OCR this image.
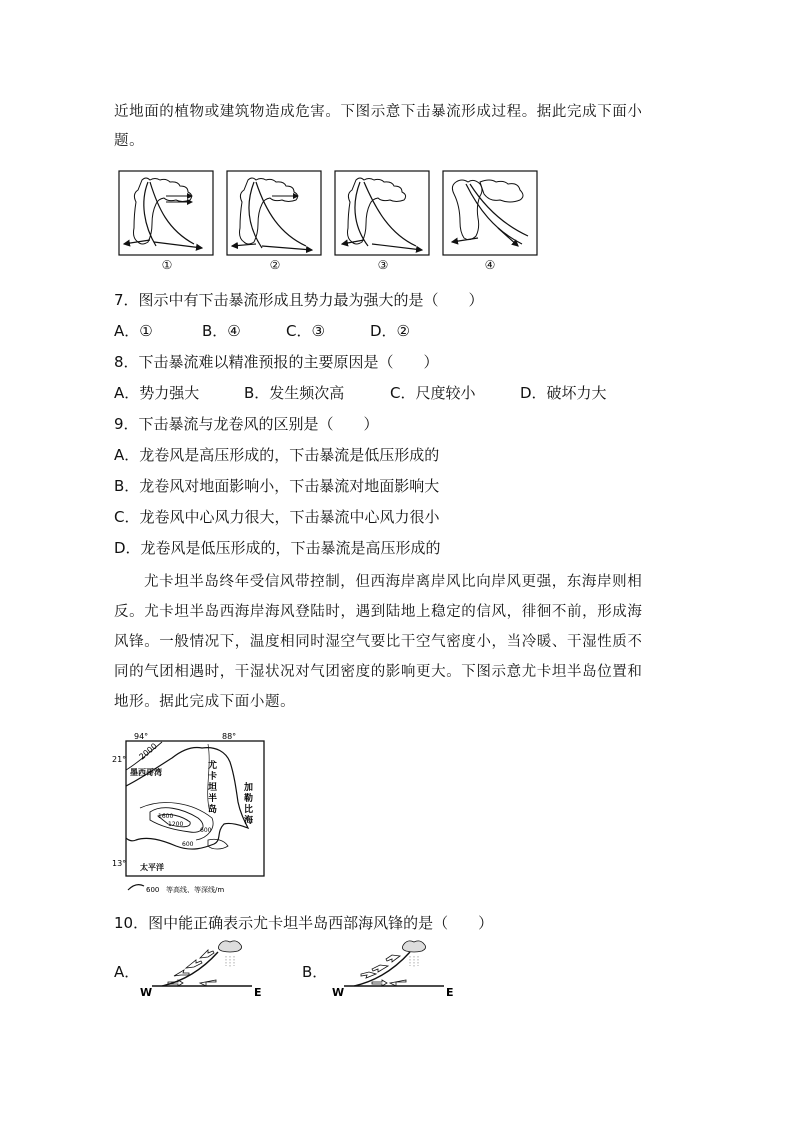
近地面的植物或建筑物造成危害。下图示意下击暴流形成过程。据此完成下面小

题。

①	②	③	④

7．图示中有下击暴流形成且势力最为强大的是（　　）

A．①	B．④	C．③	D．②

8．下击暴流难以精准预报的主要原因是（　　）

A．势力强大	B．发生频次高	C．尺度较小	D．破坏力大

9．下击暴流与龙卷风的区别是（　　）

A．龙卷风是高压形成的，下击暴流是低压形成的

B．龙卷风对地面影响小，下击暴流对地面影响大

C．龙卷风中心风力很大，下击暴流中心风力很小

D．龙卷风是低压形成的，下击暴流是高压形成的

尤卡坦半岛终年受信风带控制，但西海岸离岸风比向岸风更强，东海岸则相

反。尤卡坦半岛西海岸海风登陆时，遇到陆地上稳定的信风，徘徊不前，形成海

风锋。一般情况下，温度相同时湿空气要比干空气密度小，当冷暖、干湿性质不

同的气团相遇时，干湿状况对气团密度的影响更大。下图示意尤卡坦半岛位置和

地形。据此完成下面小题。

94°	88°
21°
13°
2000
墨西哥湾
尤
卡
坦
半
岛
加
勒
比
海
1600
1200
600
600
太平洋
600 等高线、等深线/m

10．图中能正确表示尤卡坦半岛西部海风锋的是（　　）

A．	B．
W	E	W	E
